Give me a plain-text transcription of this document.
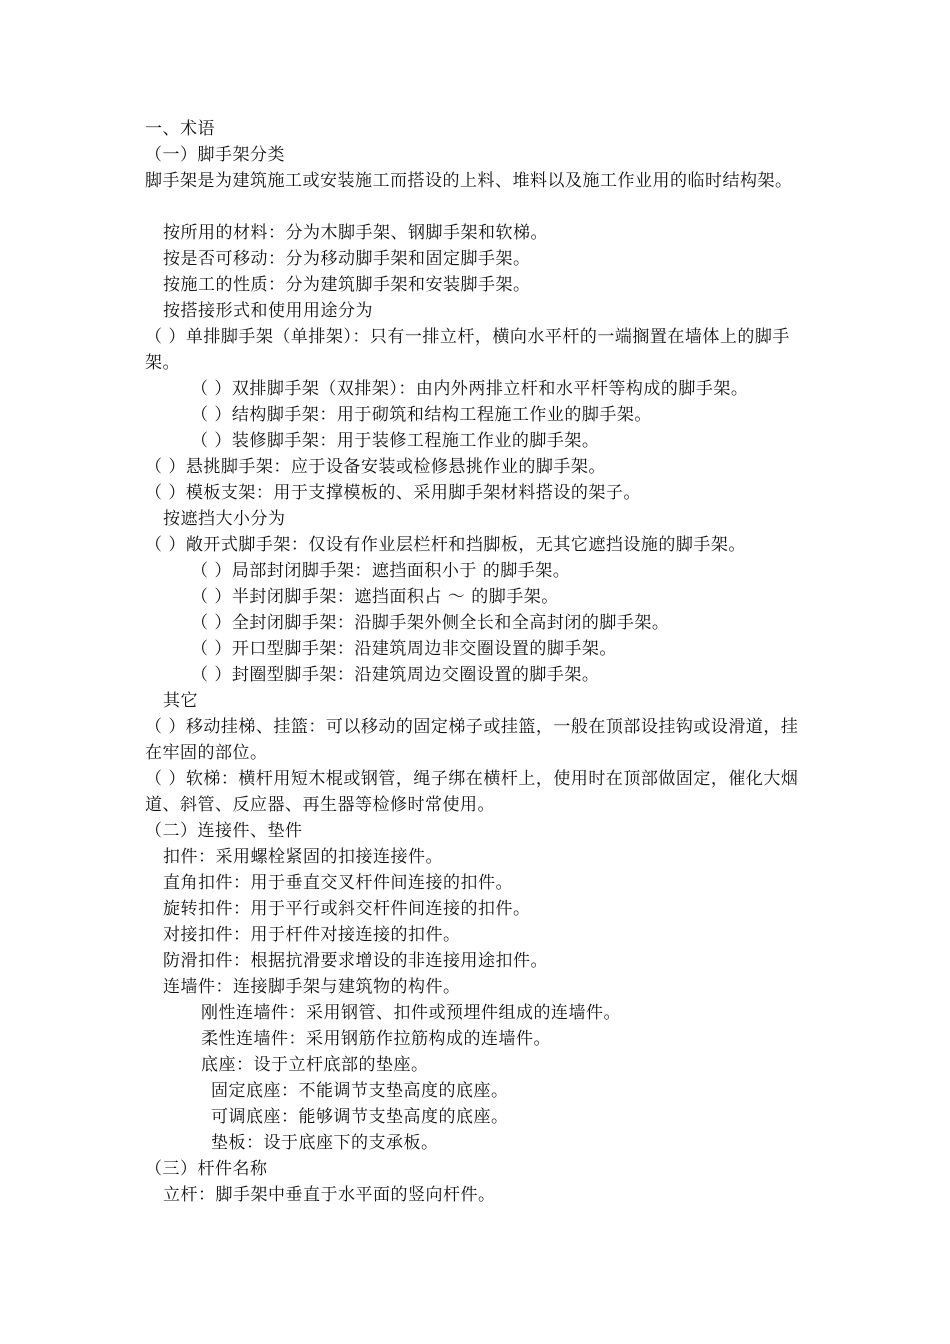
一、术语
（一）脚手架分类
脚手架是为建筑施工或安装施工而搭设的上料、堆料以及施工作业用的临时结构架。
按所用的材料：分为木脚手架、钢脚手架和软梯。
按是否可移动：分为移动脚手架和固定脚手架。
按施工的性质：分为建筑脚手架和安装脚手架。
按搭接形式和使用用途分为
（ ）单排脚手架（单排架）：只有一排立杆，横向水平杆的一端搁置在墙体上的脚手架。
（ ）双排脚手架（双排架）：由内外两排立杆和水平杆等构成的脚手架。
（ ）结构脚手架：用于砌筑和结构工程施工作业的脚手架。
（ ）装修脚手架：用于装修工程施工作业的脚手架。
（ ）悬挑脚手架：应于设备安装或检修悬挑作业的脚手架。
（ ）模板支架：用于支撑模板的、采用脚手架材料搭设的架子。
按遮挡大小分为
（ ）敞开式脚手架：仅设有作业层栏杆和挡脚板，无其它遮挡设施的脚手架。
（ ）局部封闭脚手架：遮挡面积小于 的脚手架。
（ ）半封闭脚手架：遮挡面积占 ～ 的脚手架。
（ ）全封闭脚手架：沿脚手架外侧全长和全高封闭的脚手架。
（ ）开口型脚手架：沿建筑周边非交圈设置的脚手架。
（ ）封圈型脚手架：沿建筑周边交圈设置的脚手架。
其它
（ ）移动挂梯、挂篮：可以移动的固定梯子或挂篮，一般在顶部设挂钩或设滑道，挂在牢固的部位。
（ ）软梯：横杆用短木棍或钢管，绳子绑在横杆上，使用时在顶部做固定，催化大烟道、斜管、反应器、再生器等检修时常使用。
（二）连接件、垫件
扣件：采用螺栓紧固的扣接连接件。
直角扣件：用于垂直交叉杆件间连接的扣件。
旋转扣件：用于平行或斜交杆件间连接的扣件。
对接扣件：用于杆件对接连接的扣件。
防滑扣件：根据抗滑要求增设的非连接用途扣件。
连墙件：连接脚手架与建筑物的构件。
刚性连墙件：采用钢管、扣件或预埋件组成的连墙件。
柔性连墙件：采用钢筋作拉筋构成的连墙件。
底座：设于立杆底部的垫座。
固定底座：不能调节支垫高度的底座。
可调底座：能够调节支垫高度的底座。
垫板：设于底座下的支承板。
（三）杆件名称
立杆：脚手架中垂直于水平面的竖向杆件。
